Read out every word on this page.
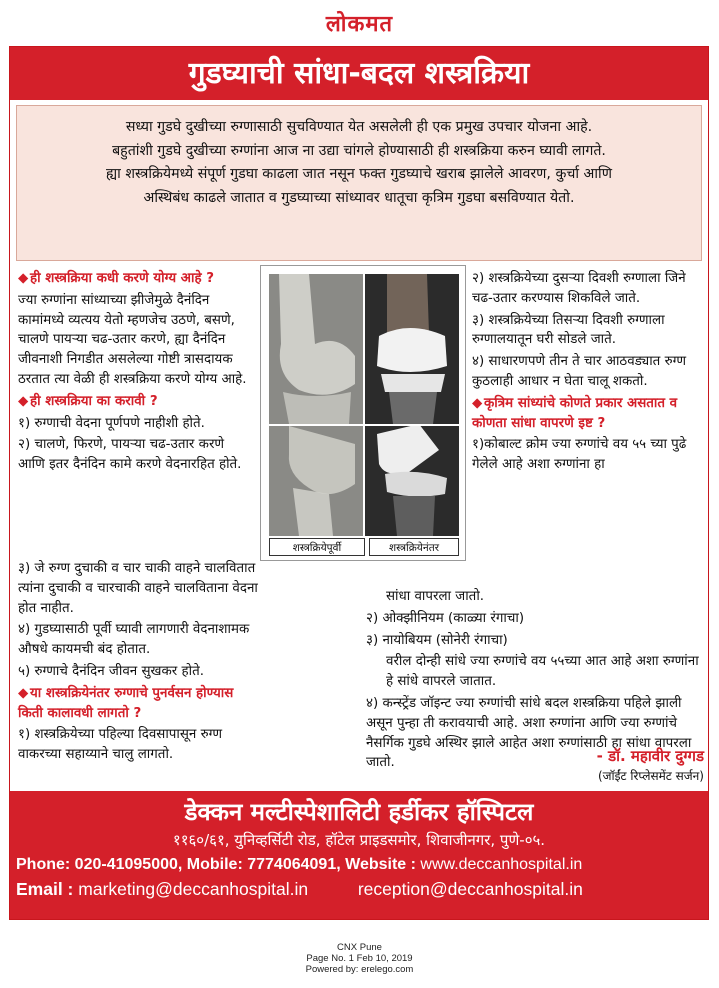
लोकमत
गुडघ्याची सांधा-बदल शस्त्रक्रिया
सध्या गुडघे दुखीच्या रुग्णासाठी सुचविण्यात येत असलेली ही एक प्रमुख उपचार योजना आहे.
बहुतांशी गुडघे दुखीच्या रुग्णांना आज ना उद्या चांगले होण्यासाठी ही शस्त्रक्रिया करुन घ्यावी लागते.
ह्या शस्त्रक्रियेमध्ये संपूर्ण गुडघा काढला जात नसून फक्त गुडघ्याचे खराब झालेले आवरण, कुर्चा आणि
अस्थिबंध काढले जातात व गुडघ्याच्या सांध्यावर धातूचा कृत्रिम गुडघा बसविण्यात येतो.
◆ ही शस्त्रक्रिया कधी करणे योग्य आहे ?
ज्या रुग्णांना सांध्याच्या झीजेमुळे दैनंदिन कामांमध्ये व्यत्यय येतो म्हणजेच उठणे, बसणे, चालणे पायऱ्या चढ-उतार करणे, ह्या दैनंदिन जीवनाशी निगडीत असलेल्या गोष्टी त्रासदायक ठरतात त्या वेळी ही शस्त्रक्रिया करणे योग्य आहे.
◆ ही शस्त्रक्रिया का करावी ?
१) रुग्णाची वेदना पूर्णपणे नाहीशी होते.
२) चालणे, फिरणे, पायऱ्या चढ-उतार करणे आणि इतर दैनंदिन कामे करणे वेदनारहित होते.
शस्त्रक्रियेपूर्वी	शस्त्रक्रियेनंतर
२) शस्त्रक्रियेच्या दुसऱ्या दिवशी रुग्णाला जिने चढ-उतार करण्यास शिकविले जाते.
३) शस्त्रक्रियेच्या तिसऱ्या दिवशी रुग्णाला रुग्णालयातून घरी सोडले जाते.
४) साधारणपणे तीन ते चार आठवड्यात रुग्ण कुठलाही आधार न घेता चालू शकतो.
◆ कृत्रिम सांध्यांचे कोणते प्रकार असतात व कोणता सांधा वापरणे इष्ट ?
१)कोबाल्ट क्रोम ज्या रुग्णांचे वय ५५ च्या पुढे गेलेले आहे अशा रुग्णांना हा
३) जे रुग्ण दुचाकी व चार चाकी वाहने चालवितात त्यांना दुचाकी व चारचाकी वाहने चालविताना वेदना होत नाहीत.
४) गुडघ्यासाठी पूर्वी घ्यावी लागणारी वेदनाशामक औषधे कायमची बंद होतात.
५) रुग्णाचे दैनंदिन जीवन सुखकर होते.
◆ या शस्त्रक्रियेनंतर रुग्णाचे पुनर्वसन होण्यास किती कालावधी लागतो ?
१) शस्त्रक्रियेच्या पहिल्या दिवसापासून रुग्ण वाकरच्या सहाय्याने चालु लागतो.
सांधा वापरला जातो.
२) ओक्झीनियम (काळ्या रंगाचा)
३) नायोबियम (सोनेरी रंगाचा)
वरील दोन्ही सांधे ज्या रुग्णांचे वय ५५च्या आत आहे अशा रुग्णांना हे सांधे वापरले जातात.
४) कन्स्ट्रेंड जॉइन्ट ज्या रुग्णांची सांधे बदल शस्त्रक्रिया पहिले झाली असून पुन्हा ती करावयाची आहे. अशा रुग्णांना आणि ज्या रुग्णांचे नैसर्गिक गुडघे अस्थिर झाले आहेत अशा रुग्णांसाठी हा सांधा वापरला जातो.	- डॉ. महावीर दुग्गड
(जॉईंट रिप्लेसमेंट सर्जन)
डेक्कन मल्टीस्पेशालिटी हर्डीकर हॉस्पिटल
११६०/६१, युनिव्हर्सिटी रोड, हॉटेल प्राइडसमोर, शिवाजीनगर, पुणे-०५.
Phone: 020-41095000, Mobile: 7774064091, Website : www.deccanhospital.in
Email : marketing@deccanhospital.in	reception@deccanhospital.in
CNX Pune
Page No. 1 Feb 10, 2019
Powered by: erelego.com
